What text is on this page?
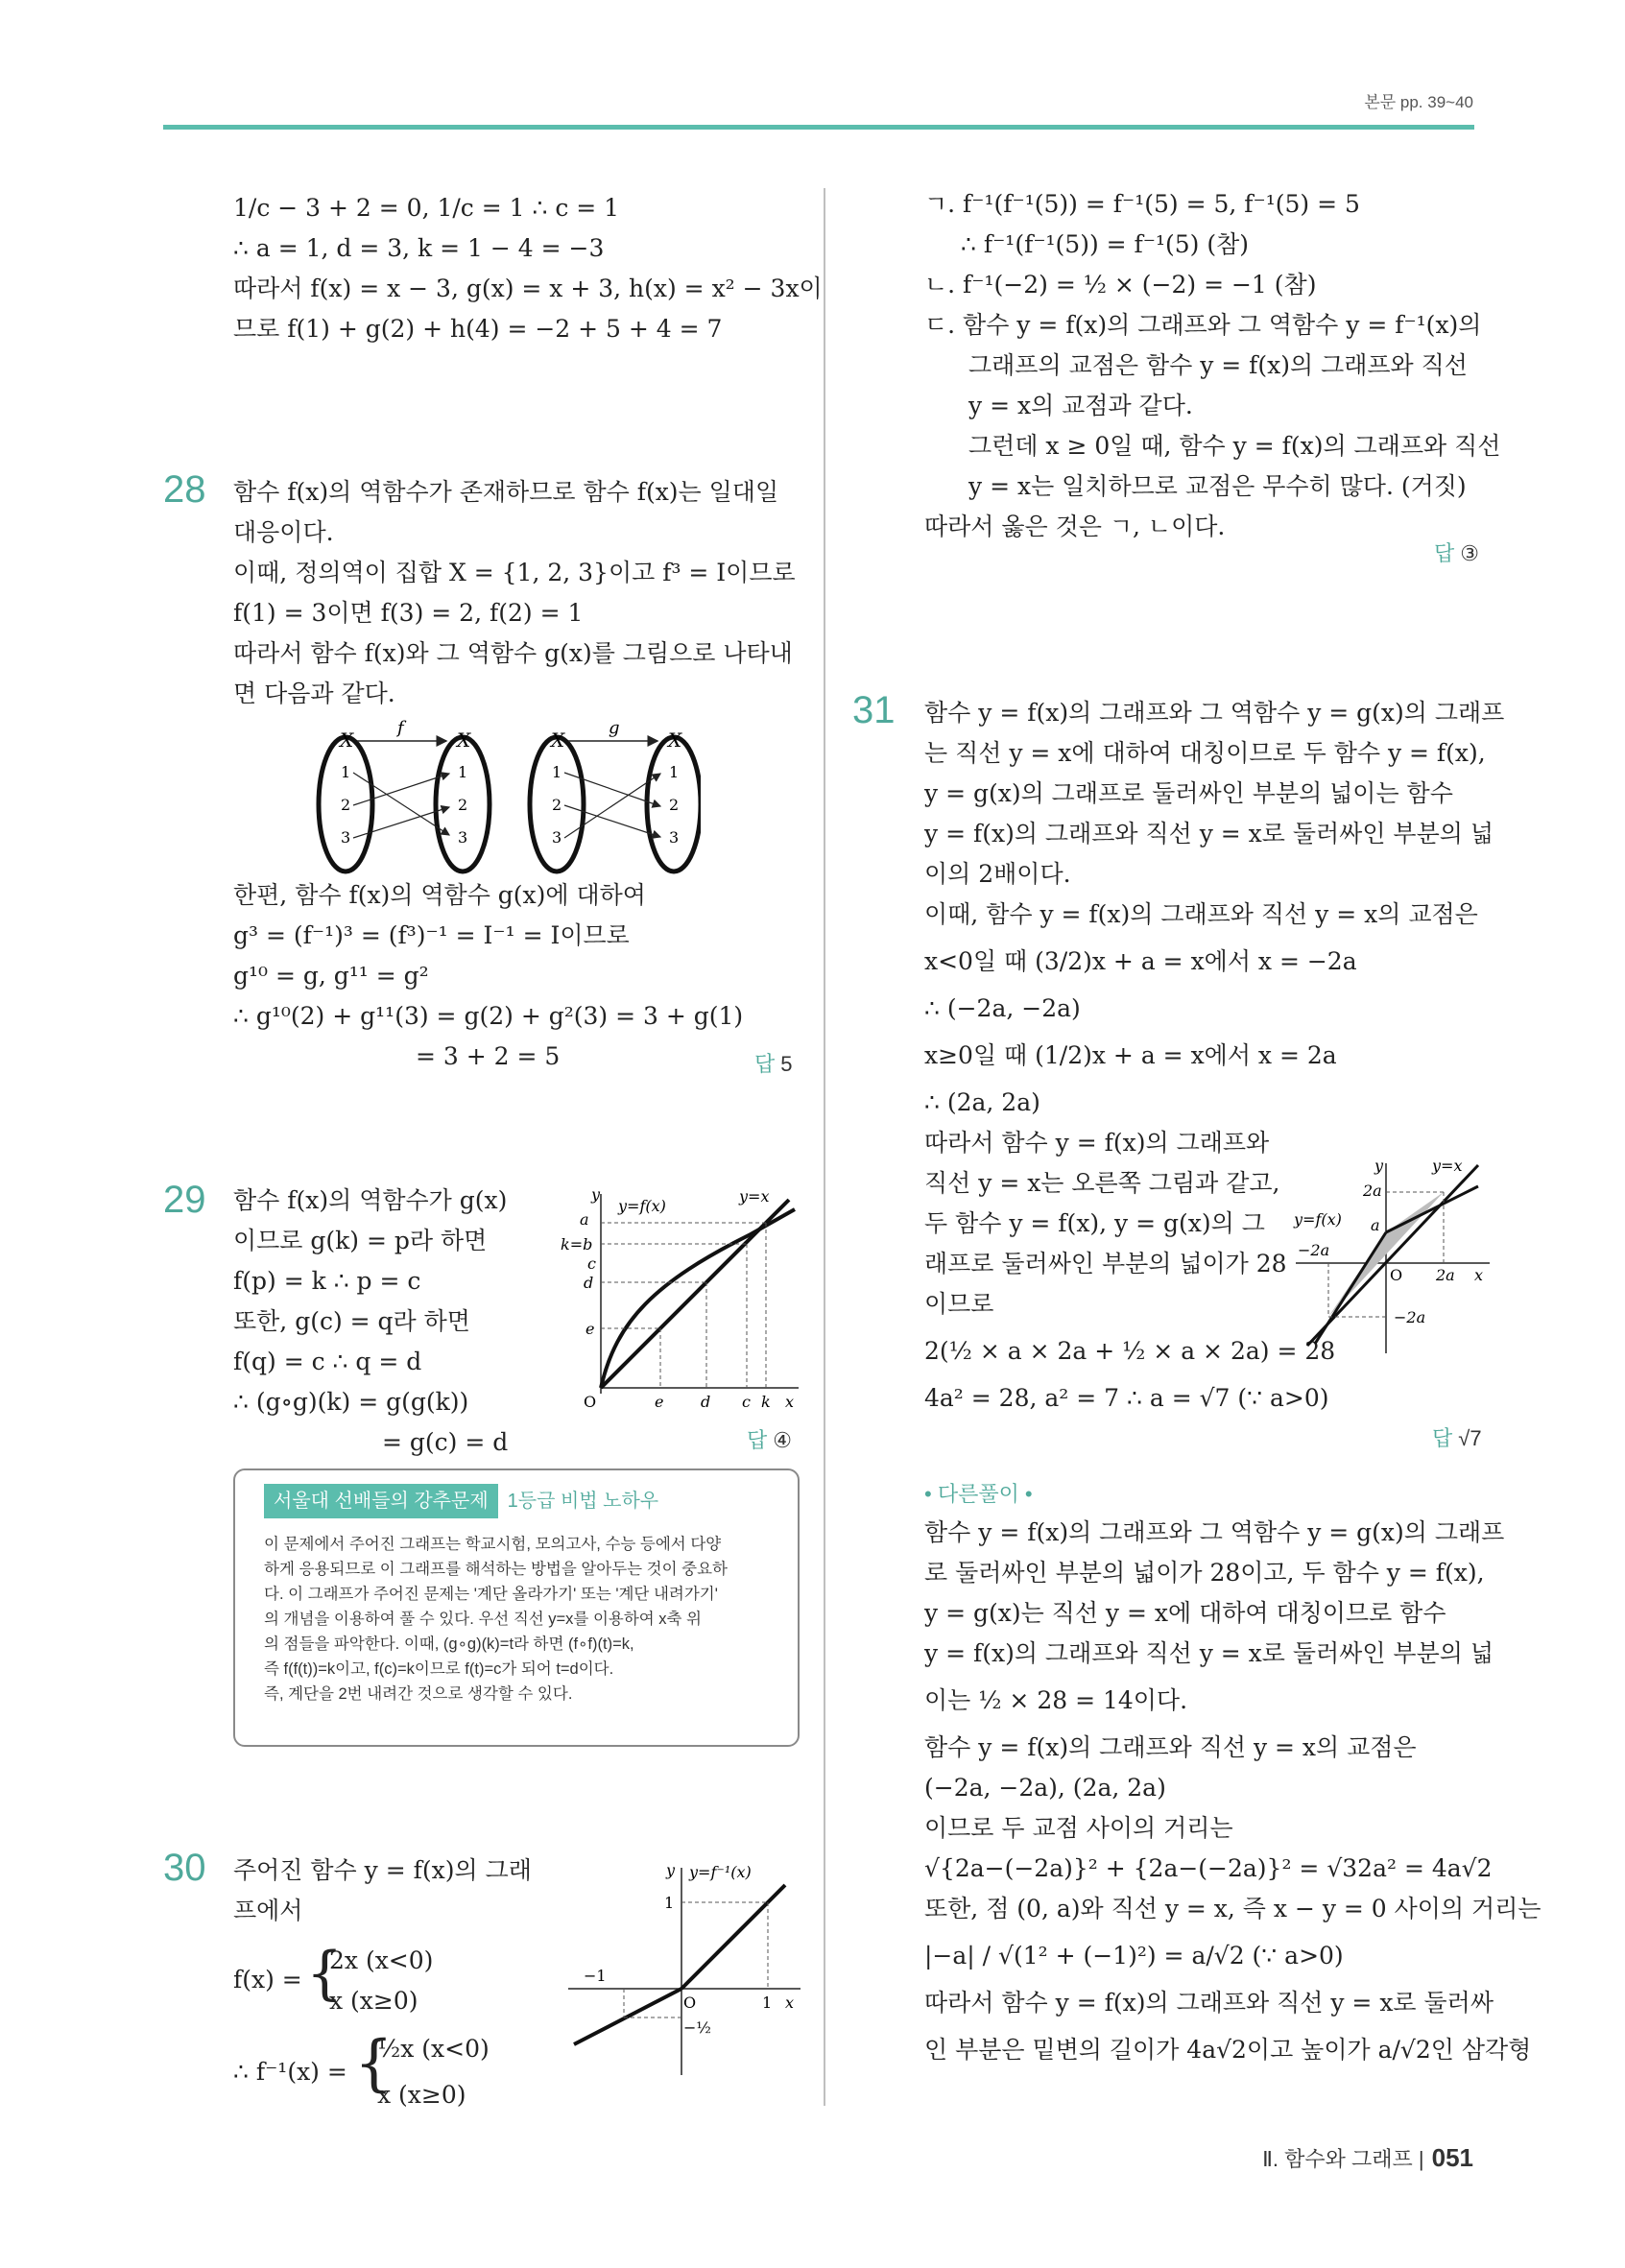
본문 pp. 39~40
1/c − 3 + 2 = 0, 1/c = 1 ∴ c = 1
∴ a = 1, d = 3, k = 1 − 4 = −3
따라서 f(x) = x − 3, g(x) = x + 3, h(x) = x² − 3x이
므로 f(1) + g(2) + h(4) = −2 + 5 + 4 = 7
28 함수 f(x)의 역함수가 존재하므로 함수 f(x)는 일대일
대응이다.
이때, 정의역이 집합 X = {1, 2, 3}이고 f³ = I이므로
f(1) = 3이면 f(3) = 2, f(2) = 1
따라서 함수 f(x)와 그 역함수 g(x)를 그림으로 나타내
면 다음과 같다.
X	X	X	X
f	g
1
2
3
1
2
3
1
2
3
1
2
3
한편, 함수 f(x)의 역함수 g(x)에 대하여
g³ = (f⁻¹)³ = (f³)⁻¹ = I⁻¹ = I이므로
g¹⁰ = g, g¹¹ = g²
∴ g¹⁰(2) + g¹¹(3) = g(2) + g²(3) = 3 + g(1)
= 3 + 2 = 5	답 5
29 함수 f(x)의 역함수가 g(x)
이므로 g(k) = p라 하면
f(p) = k ∴ p = c
또한, g(c) = q라 하면
f(q) = c ∴ q = d
∴ (g∘g)(k) = g(g(k))
= g(c) = d
a
k=b
c
d
e
O	e d c k x
y
y=f(x)
y=x
답 ④
서울대 선배들의 강추문제 1등급 비법 노하우
이 문제에서 주어진 그래프는 학교시험, 모의고사, 수능 등에서 다양
하게 응용되므로 이 그래프를 해석하는 방법을 알아두는 것이 중요하
다. 이 그래프가 주어진 문제는 '계단 올라가기' 또는 '계단 내려가기'
의 개념을 이용하여 풀 수 있다. 우선 직선 y=x를 이용하여 x축 위
의 점들을 파악한다. 이때, (g∘g)(k)=t라 하면 (f∘f)(t)=k,
즉 f(f(t))=k이고, f(c)=k이므로 f(t)=c가 되어 t=d이다.
즉, 계단을 2번 내려간 것으로 생각할 수 있다.
30 주어진 함수 y = f(x)의 그래
프에서
f(x) = {
2x (x<0)
x (x≥0)
∴ f⁻¹(x) = {
½x (x<0)
x (x≥0)
y
1
−1
O	1 x
−½
y=f⁻¹(x)
ㄱ. f⁻¹(f⁻¹(5)) = f⁻¹(5) = 5, f⁻¹(5) = 5
∴ f⁻¹(f⁻¹(5)) = f⁻¹(5) (참)
ㄴ. f⁻¹(−2) = ½ × (−2) = −1 (참)
ㄷ. 함수 y = f(x)의 그래프와 그 역함수 y = f⁻¹(x)의
그래프의 교점은 함수 y = f(x)의 그래프와 직선
y = x의 교점과 같다.
그런데 x ≥ 0일 때, 함수 y = f(x)의 그래프와 직선
y = x는 일치하므로 교점은 무수히 많다. (거짓)
따라서 옳은 것은 ㄱ, ㄴ이다.
답 ③
31 함수 y = f(x)의 그래프와 그 역함수 y = g(x)의 그래프
는 직선 y = x에 대하여 대칭이므로 두 함수 y = f(x),
y = g(x)의 그래프로 둘러싸인 부분의 넓이는 함수
y = f(x)의 그래프와 직선 y = x로 둘러싸인 부분의 넓
이의 2배이다.
이때, 함수 y = f(x)의 그래프와 직선 y = x의 교점은
x<0일 때 (3/2)x + a = x에서 x = −2a
∴ (−2a, −2a)
x≥0일 때 (1/2)x + a = x에서 x = 2a
∴ (2a, 2a)
따라서 함수 y = f(x)의 그래프와
직선 y = x는 오른쪽 그림과 같고,
두 함수 y = f(x), y = g(x)의 그
래프로 둘러싸인 부분의 넓이가 28
이므로
2(½ × a × 2a + ½ × a × 2a) = 28
4a² = 28, a² = 7 ∴ a = √7 (∵ a>0)
답 √7
y
2a
a
−2a
O 2a x
−2a
y=x
y=f(x)
• 다른풀이 •
함수 y = f(x)의 그래프와 그 역함수 y = g(x)의 그래프
로 둘러싸인 부분의 넓이가 28이고, 두 함수 y = f(x),
y = g(x)는 직선 y = x에 대하여 대칭이므로 함수
y = f(x)의 그래프와 직선 y = x로 둘러싸인 부분의 넓
이는 ½ × 28 = 14이다.
함수 y = f(x)의 그래프와 직선 y = x의 교점은
(−2a, −2a), (2a, 2a)
이므로 두 교점 사이의 거리는
√{2a−(−2a)}² + {2a−(−2a)}² = √32a² = 4a√2
또한, 점 (0, a)와 직선 y = x, 즉 x − y = 0 사이의 거리는
|−a| / √(1² + (−1)²) = a/√2 (∵ a>0)
따라서 함수 y = f(x)의 그래프와 직선 y = x로 둘러싸
인 부분은 밑변의 길이가 4a√2이고 높이가 a/√2인 삼각형
Ⅱ. 함수와 그래프 | 051
